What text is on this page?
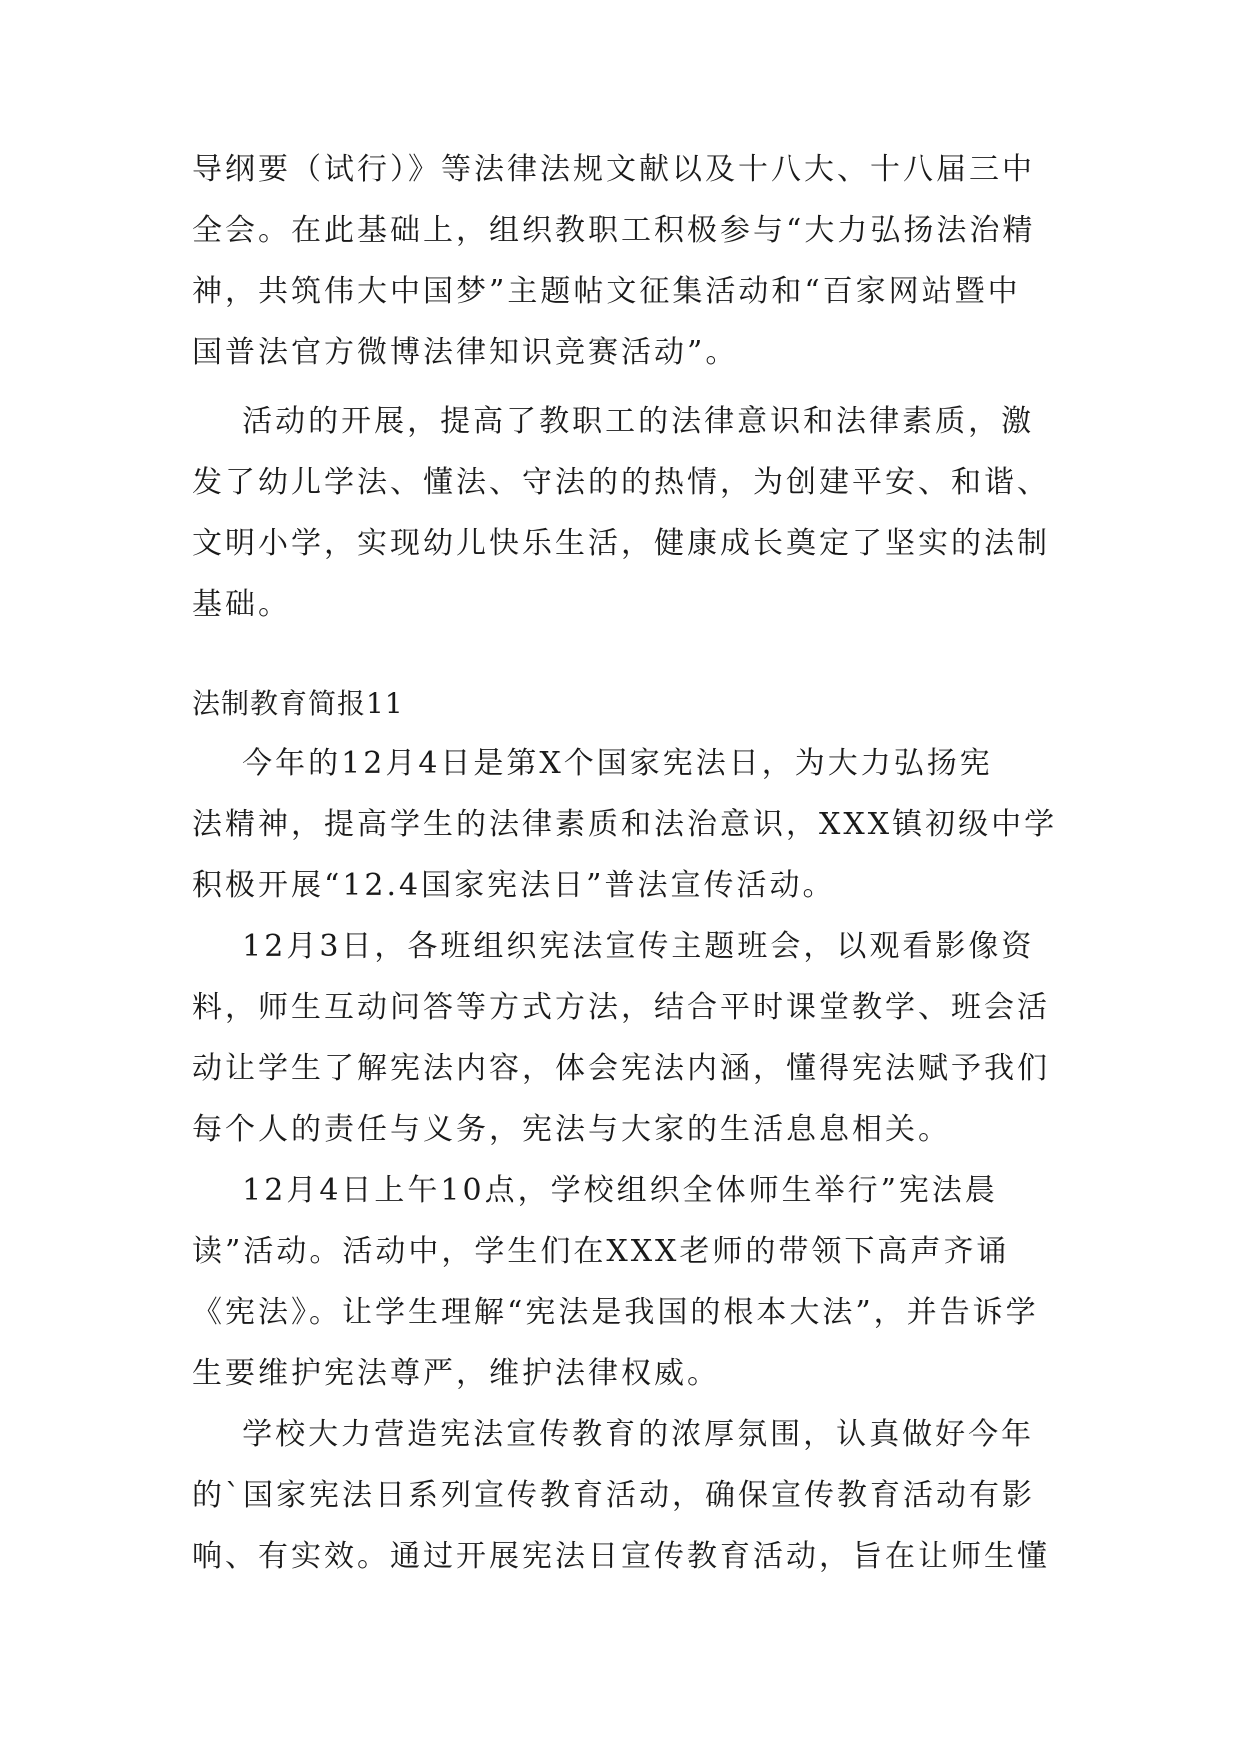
导纲要（试行）》等法律法规文献以及十八大、十八届三中
全会。在此基础上，组织教职工积极参与“大力弘扬法治精
神，共筑伟大中国梦”主题帖文征集活动和“百家网站暨中
国普法官方微博法律知识竞赛活动”。
活动的开展，提高了教职工的法律意识和法律素质，激
发了幼儿学法、懂法、守法的的热情，为创建平安、和谐、
文明小学，实现幼儿快乐生活，健康成长奠定了坚实的法制
基础。
法制教育简报11
今年的12月4日是第X个国家宪法日，为大力弘扬宪
法精神，提高学生的法律素质和法治意识，XXX镇初级中学
积极开展“12.4国家宪法日”普法宣传活动。
12月3日，各班组织宪法宣传主题班会，以观看影像资
料，师生互动问答等方式方法，结合平时课堂教学、班会活
动让学生了解宪法内容，体会宪法内涵，懂得宪法赋予我们
每个人的责任与义务，宪法与大家的生活息息相关。
12月4日上午10点，学校组织全体师生举行”宪法晨
读”活动。活动中，学生们在XXX老师的带领下高声齐诵
《宪法》。让学生理解“宪法是我国的根本大法”，并告诉学
生要维护宪法尊严，维护法律权威。
学校大力营造宪法宣传教育的浓厚氛围，认真做好今年
的`国家宪法日系列宣传教育活动，确保宣传教育活动有影
响、有实效。通过开展宪法日宣传教育活动，旨在让师生懂
